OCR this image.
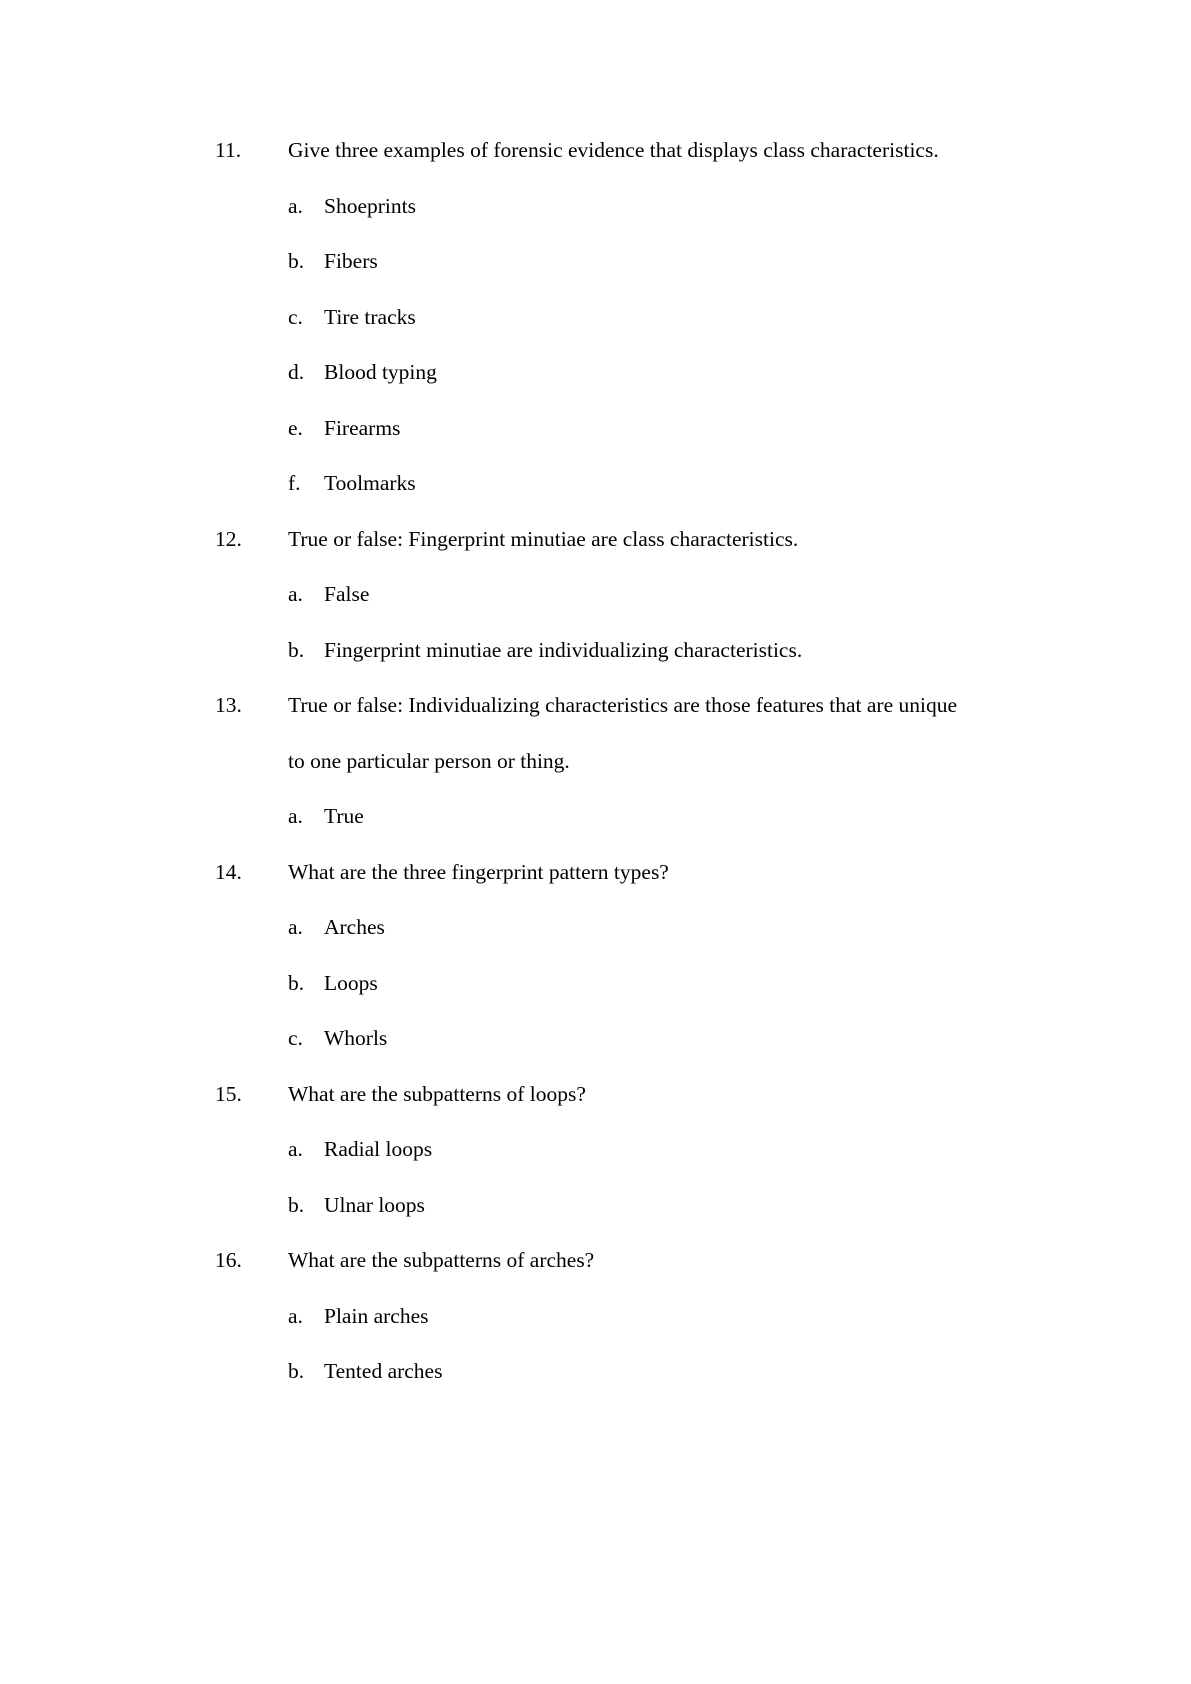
11. Give three examples of forensic evidence that displays class characteristics.
a. Shoeprints
b. Fibers
c. Tire tracks
d. Blood typing
e. Firearms
f. Toolmarks
12. True or false: Fingerprint minutiae are class characteristics.
a. False
b. Fingerprint minutiae are individualizing characteristics.
13. True or false: Individualizing characteristics are those features that are unique
to one particular person or thing.
a. True
14. What are the three fingerprint pattern types?
a. Arches
b. Loops
c. Whorls
15. What are the subpatterns of loops?
a. Radial loops
b. Ulnar loops
16. What are the subpatterns of arches?
a. Plain arches
b. Tented arches
